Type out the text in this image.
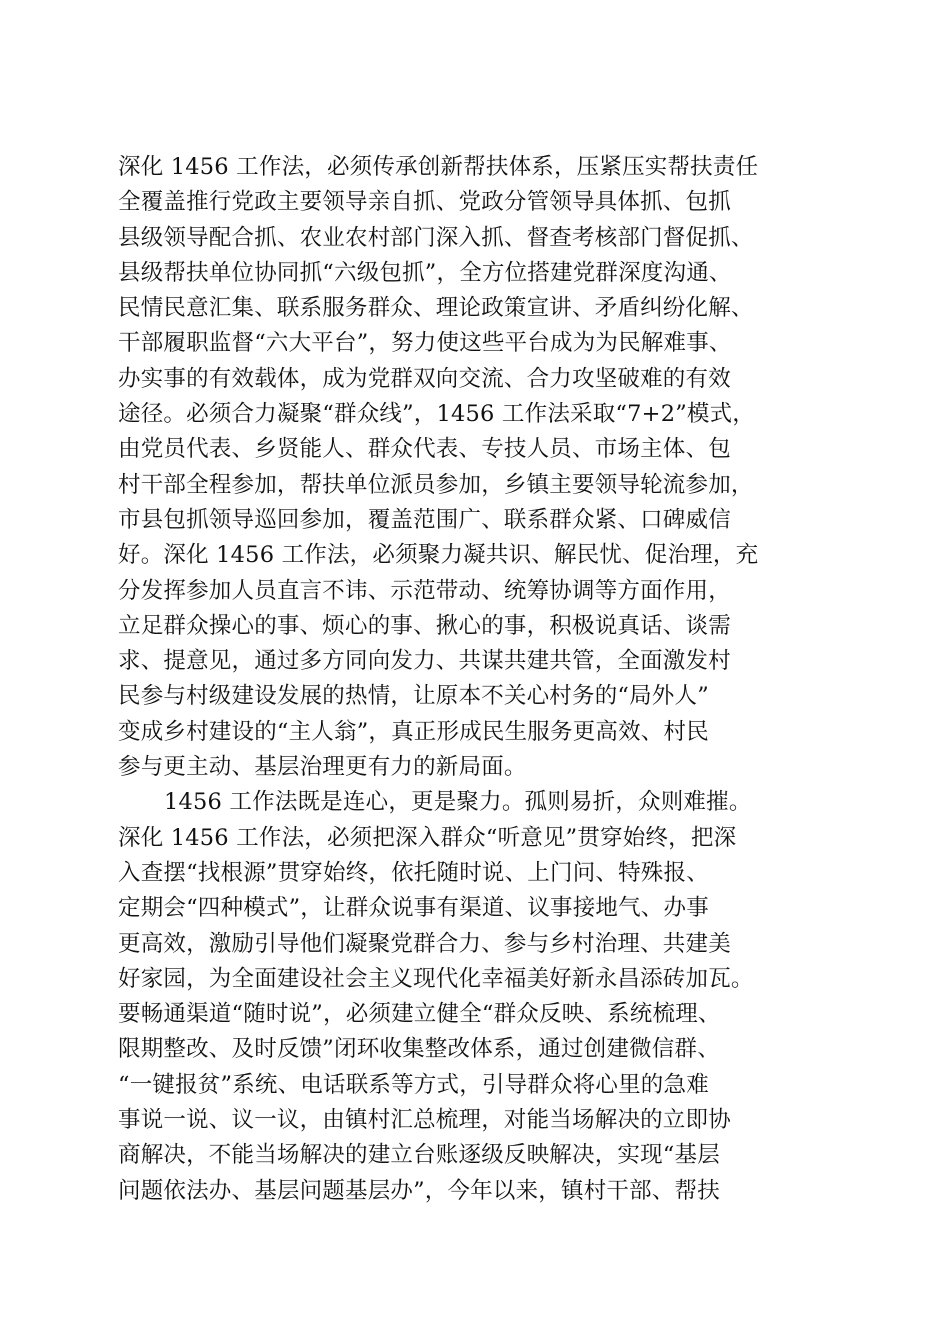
深化 1456 工作法，必须传承创新帮扶体系，压紧压实帮扶责任
全覆盖推行党政主要领导亲自抓、党政分管领导具体抓、包抓
县级领导配合抓、农业农村部门深入抓、督查考核部门督促抓、
县级帮扶单位协同抓“六级包抓”，全方位搭建党群深度沟通、
民情民意汇集、联系服务群众、理论政策宣讲、矛盾纠纷化解、
干部履职监督“六大平台”，努力使这些平台成为为民解难事、
办实事的有效载体，成为党群双向交流、合力攻坚破难的有效
途径。必须合力凝聚“群众线”，1456 工作法采取“7+2”模式，
由党员代表、乡贤能人、群众代表、专技人员、市场主体、包
村干部全程参加，帮扶单位派员参加，乡镇主要领导轮流参加，
市县包抓领导巡回参加，覆盖范围广、联系群众紧、口碑威信
好。深化 1456 工作法，必须聚力凝共识、解民忧、促治理，充
分发挥参加人员直言不讳、示范带动、统筹协调等方面作用，
立足群众操心的事、烦心的事、揪心的事，积极说真话、谈需
求、提意见，通过多方同向发力、共谋共建共管，全面激发村
民参与村级建设发展的热情，让原本不关心村务的“局外人”
变成乡村建设的“主人翁”，真正形成民生服务更高效、村民
参与更主动、基层治理更有力的新局面。
1456 工作法既是连心，更是聚力。孤则易折，众则难摧。
深化 1456 工作法，必须把深入群众“听意见”贯穿始终，把深
入查摆“找根源”贯穿始终，依托随时说、上门问、特殊报、
定期会“四种模式”，让群众说事有渠道、议事接地气、办事
更高效，激励引导他们凝聚党群合力、参与乡村治理、共建美
好家园，为全面建设社会主义现代化幸福美好新永昌添砖加瓦。
要畅通渠道“随时说”，必须建立健全“群众反映、系统梳理、
限期整改、及时反馈”闭环收集整改体系，通过创建微信群、
“一键报贫”系统、电话联系等方式，引导群众将心里的急难
事说一说、议一议，由镇村汇总梳理，对能当场解决的立即协
商解决，不能当场解决的建立台账逐级反映解决，实现“基层
问题依法办、基层问题基层办”，今年以来，镇村干部、帮扶
